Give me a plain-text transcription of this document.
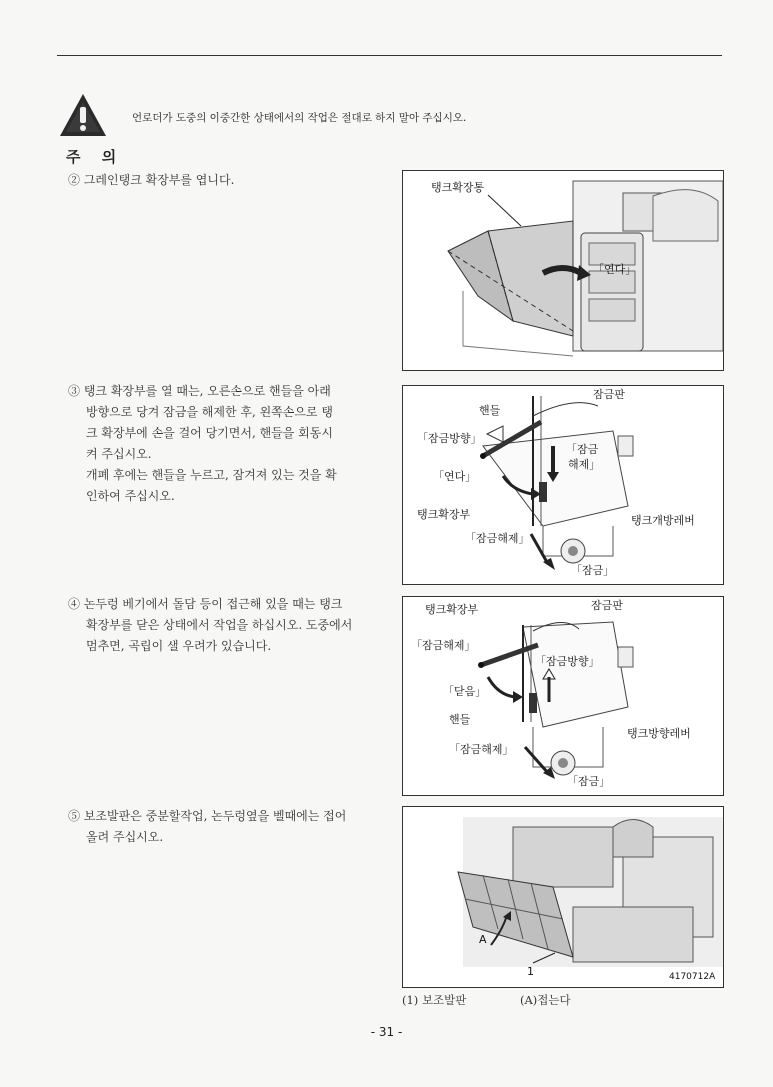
주 의
언로더가 도중의 이중간한 상태에서의 작업은 절대로 하지 말아 주십시오.

② 그레인탱크 확장부를 엽니다.

③ 탱크 확장부를 열 때는, 오른손으로 핸들을 아래

방향으로 당겨 잠금을 해제한 후, 왼쪽손으로 탱

크 확장부에 손을 걸어 당기면서, 핸들을 회동시

켜 주십시오.

개폐 후에는 핸들을 누르고, 잠겨져 있는 것을 확

인하여 주십시오.

④ 논두렁 베기에서 돌담 등이 접근해 있을 때는 탱크

확장부를 닫은 상태에서 작업을 하십시오. 도중에서

멈추면, 곡립이 샐 우려가 있습니다.

⑤ 보조발판은 중분할작업, 논두렁옆을 벨때에는 접어

올려 주십시오.

탱크확장통
「연다」
잠금판
핸들
「잠금방향」
「잠금
해제」
「연다」
탱크확장부	탱크개방레버
「잠금해제」
「잠금」
탱크확장부	잠금판
「잠금해제」
「잠금방향」
「닫음」
핸들
탱크방향레버
「잠금해제」
「잠금」
A
1	4170712A
(1) 보조발판	(A)접는다
- 31 -
